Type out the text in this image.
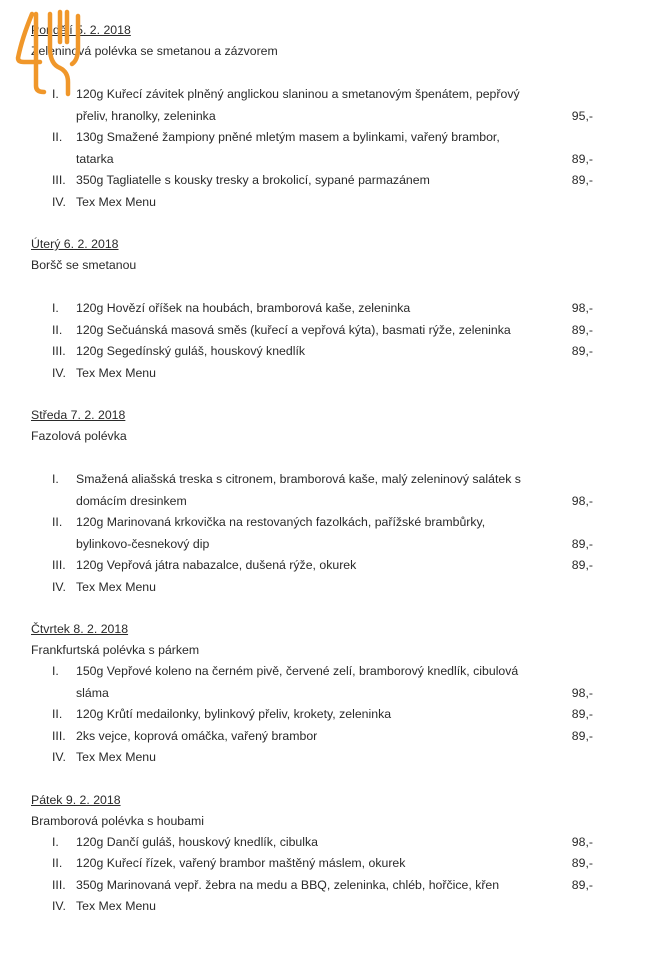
Pondělí 5. 2. 2018
Zeleninová polévka se smetanou a zázvorem
I.	120g Kuřecí závitek plněný anglickou slaninou a smetanovým špenátem, pepřový přeliv, hranolky, zeleninka	95,-
II.	130g Smažené žampiony pněné mletým masem a bylinkami, vařený brambor, tatarka	89,-
III. 350g Tagliatelle s kousky tresky a brokolicí, sypané parmazánem	89,-
IV. Tex Mex Menu
Úterý 6. 2. 2018
Boršč se smetanou
I.	120g Hovězí oříšek na houbách, bramborová kaše, zeleninka	98,-
II.	120g Sečuánská masová směs (kuřecí a vepřová kýta), basmati rýže, zeleninka	89,-
III. 120g Segedínský guláš, houskový knedlík	89,-
IV. Tex Mex Menu
Středa 7. 2. 2018
Fazolová polévka
I.	Smažená aliašská treska s citronem, bramborová kaše, malý zeleninový salátek s domácím dresinkem	98,-
II.	120g Marinovaná krkovička na restovaných fazolkách, pařížské brambůrky, bylinkovo-česnekový dip	89,-
III. 120g Vepřová játra nabazalce, dušená rýže, okurek	89,-
IV. Tex Mex Menu
Čtvrtek 8. 2. 2018
Frankfurtská polévka s párkem
I.	150g Vepřové koleno na černém pivě, červené zelí, bramborový knedlík, cibulová sláma	98,-
II.	120g Krůtí medailonky, bylinkový přeliv, krokety, zeleninka	89,-
III. 2ks vejce, koprová omáčka, vařený brambor	89,-
IV. Tex Mex Menu
Pátek 9. 2. 2018
Bramborová polévka s houbami
I.	120g Dančí guláš, houskový knedlík, cibulka	98,-
II.	120g Kuřecí řízek, vařený brambor maštěný máslem, okurek	89,-
III. 350g Marinovaná vepř. žebra na medu a BBQ, zeleninka, chléb, hořčice, křen	89,-
IV. Tex Mex Menu
